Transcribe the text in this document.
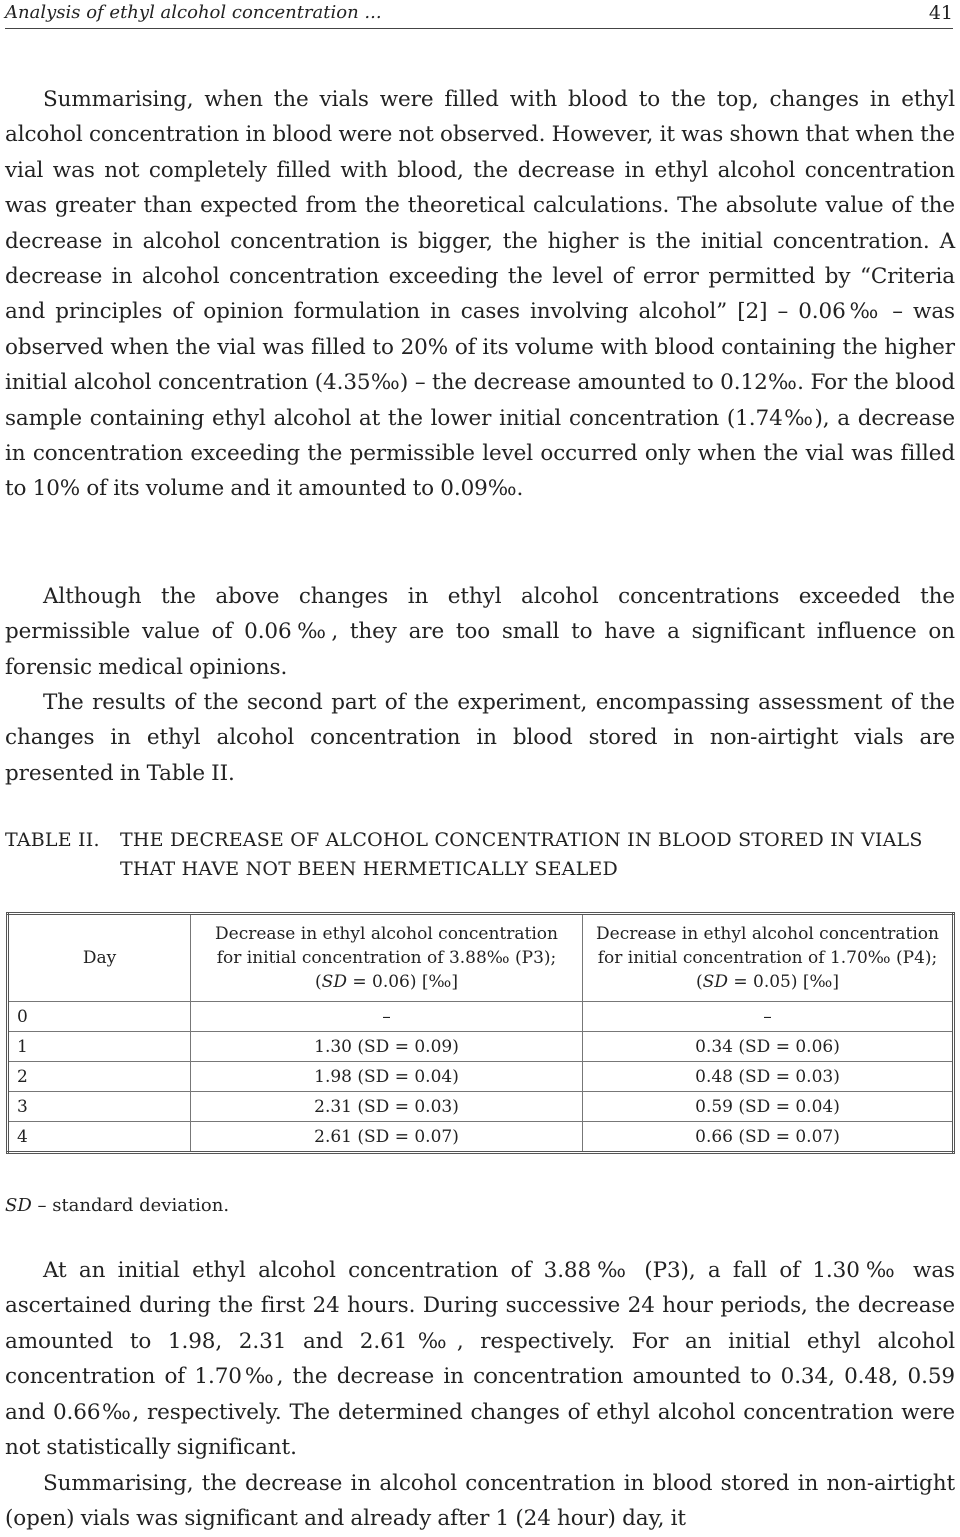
Analysis of ethyl alcohol concentration ...	41

Summarising, when the vials were filled with blood to the top, changes in ethyl alcohol concentration in blood were not observed. However, it was shown that when the vial was not completely filled with blood, the decrease in ethyl alcohol concentration was greater than expected from the theoretical calculations. The absolute value of the decrease in alcohol concentration is bigger, the higher is the initial concentration. A decrease in alcohol concentration exceeding the level of error permitted by “Criteria and principles of opinion formulation in cases involving alcohol” [2] – 0.06‰ – was observed when the vial was filled to 20% of its volume with blood containing the higher initial alcohol concentration (4.35‰) – the decrease amounted to 0.12‰. For the blood sample containing ethyl alcohol at the lower initial concentration (1.74‰), a decrease in concentration exceeding the permissible level occurred only when the vial was filled to 10% of its volume and it amounted to 0.09‰.

Although the above changes in ethyl alcohol concentrations exceeded the permissible value of 0.06‰, they are too small to have a significant influence on forensic medical opinions.

The results of the second part of the experiment, encompassing assessment of the changes in ethyl alcohol concentration in blood stored in non-airtight vials are presented in Table II.

TABLE II. THE DECREASE OF ALCOHOL CONCENTRATION IN BLOOD STORED IN VIALS THAT HAVE NOT BEEN HERMETICALLY SEALED
Day	Decrease in ethyl alcohol concentration
for initial concentration of 3.88‰ (P3);
(SD = 0.06) [‰]	Decrease in ethyl alcohol concentration
for initial concentration of 1.70‰ (P4);
(SD = 0.05) [‰]
0	–	–
1	1.30 (SD = 0.09)	0.34 (SD = 0.06)
2	1.98 (SD = 0.04)	0.48 (SD = 0.03)
3	2.31 (SD = 0.03)	0.59 (SD = 0.04)
4	2.61 (SD = 0.07)	0.66 (SD = 0.07)
SD – standard deviation.

At an initial ethyl alcohol concentration of 3.88‰ (P3), a fall of 1.30‰ was ascertained during the first 24 hours. During successive 24 hour periods, the decrease amounted to 1.98, 2.31 and 2.61‰, respectively. For an initial ethyl alcohol concentration of 1.70‰, the decrease in concentration amounted to 0.34, 0.48, 0.59 and 0.66‰, respectively. The determined changes of ethyl alcohol concentration were not statistically significant.

Summarising, the decrease in alcohol concentration in blood stored in non-airtight (open) vials was significant and already after 1 (24 hour) day, it
